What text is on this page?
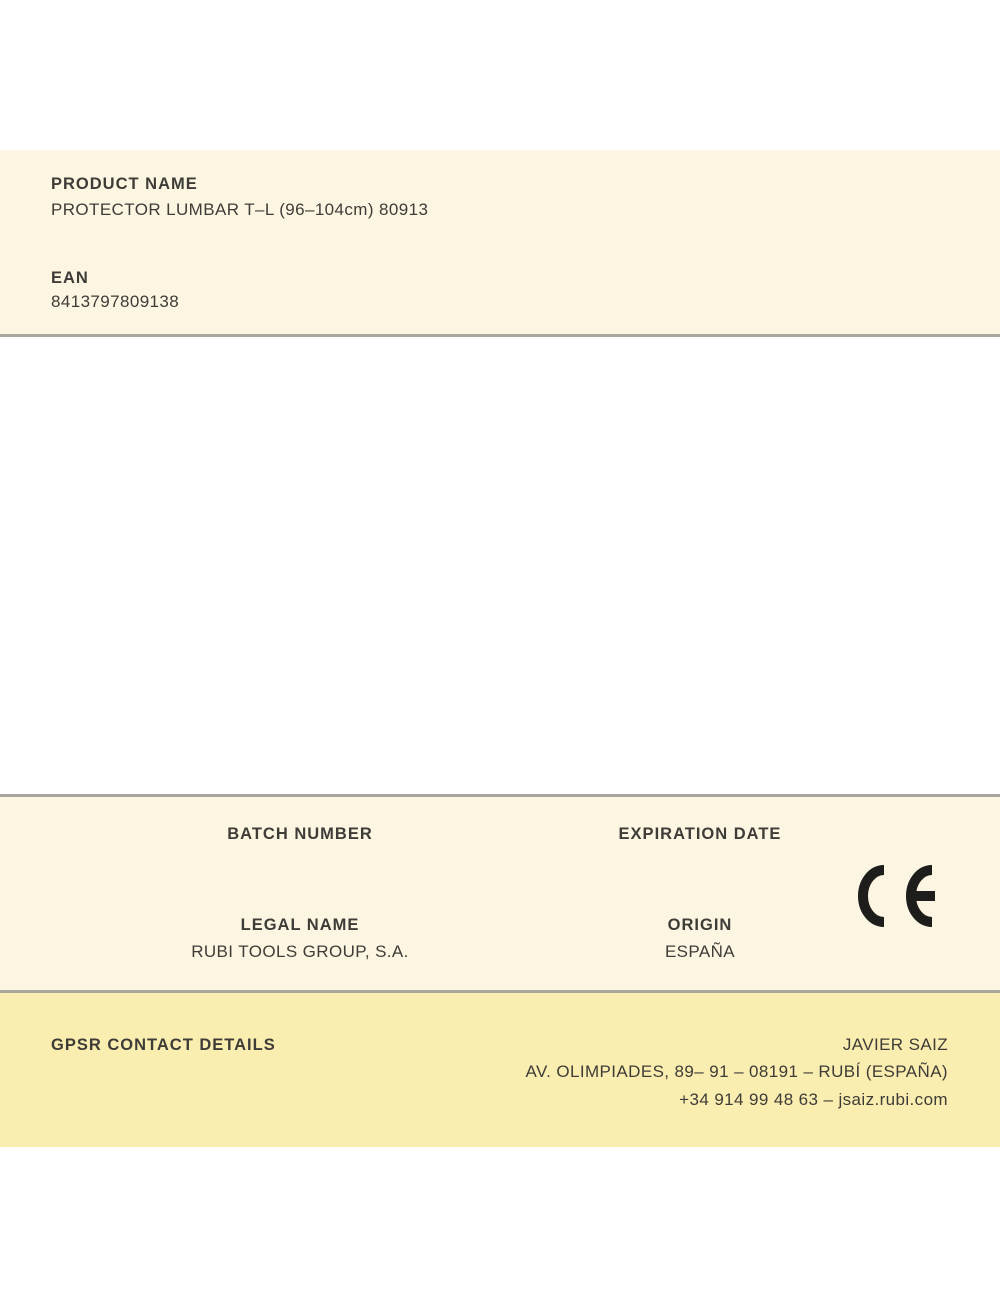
PRODUCT NAME
PROTECTOR LUMBAR T–L (96–104cm) 80913
EAN
8413797809138
BATCH NUMBER	EXPIRATION DATE
LEGAL NAME	ORIGIN
RUBI TOOLS GROUP, S.A.	ESPAÑA
GPSR CONTACT DETAILS	JAVIER SAIZ
AV. OLIMPIADES, 89– 91 – 08191 – RUBÍ (ESPAÑA)
+34 914 99 48 63 – jsaiz.rubi.com
